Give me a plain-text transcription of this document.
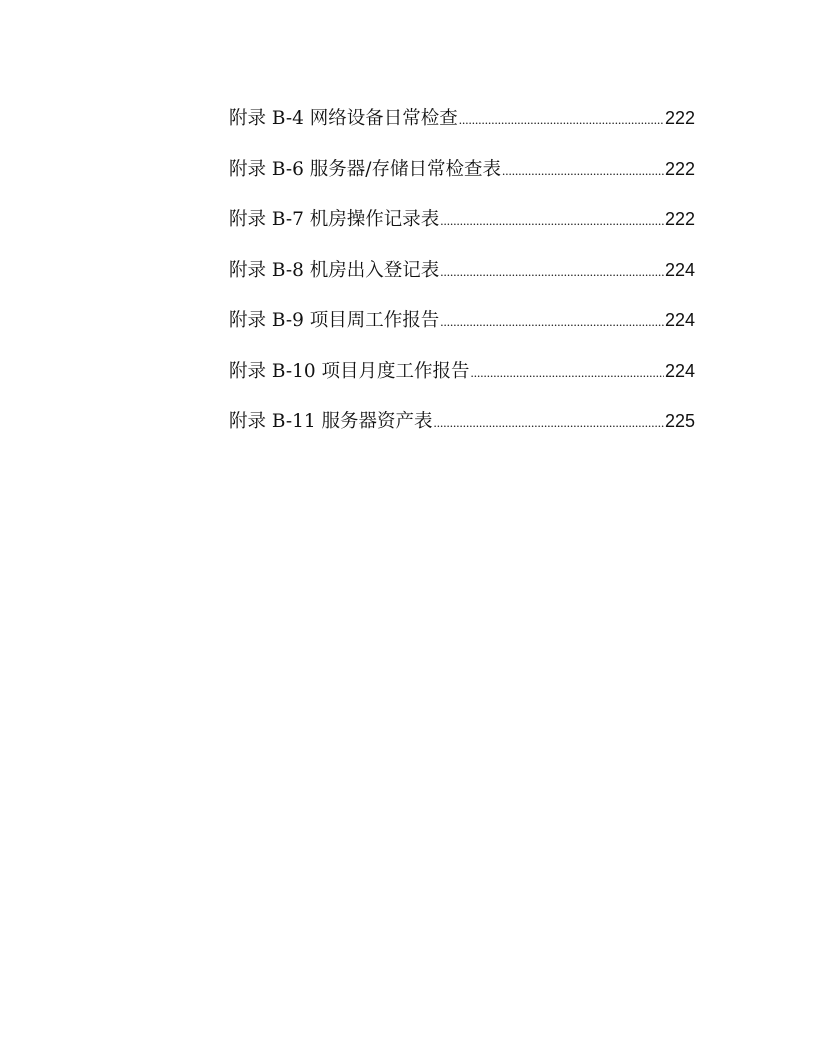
附录 B-4 网络设备日常检查 .....	222
附录 B-6 服务器/存储日常检查表 .....	222
附录 B-7 机房操作记录表 .....	222
附录 B-8 机房出入登记表 .....	224
附录 B-9 项目周工作报告 .....	224
附录 B-10 项目月度工作报告 .....	224
附录 B-11 服务器资产表 .....	225
